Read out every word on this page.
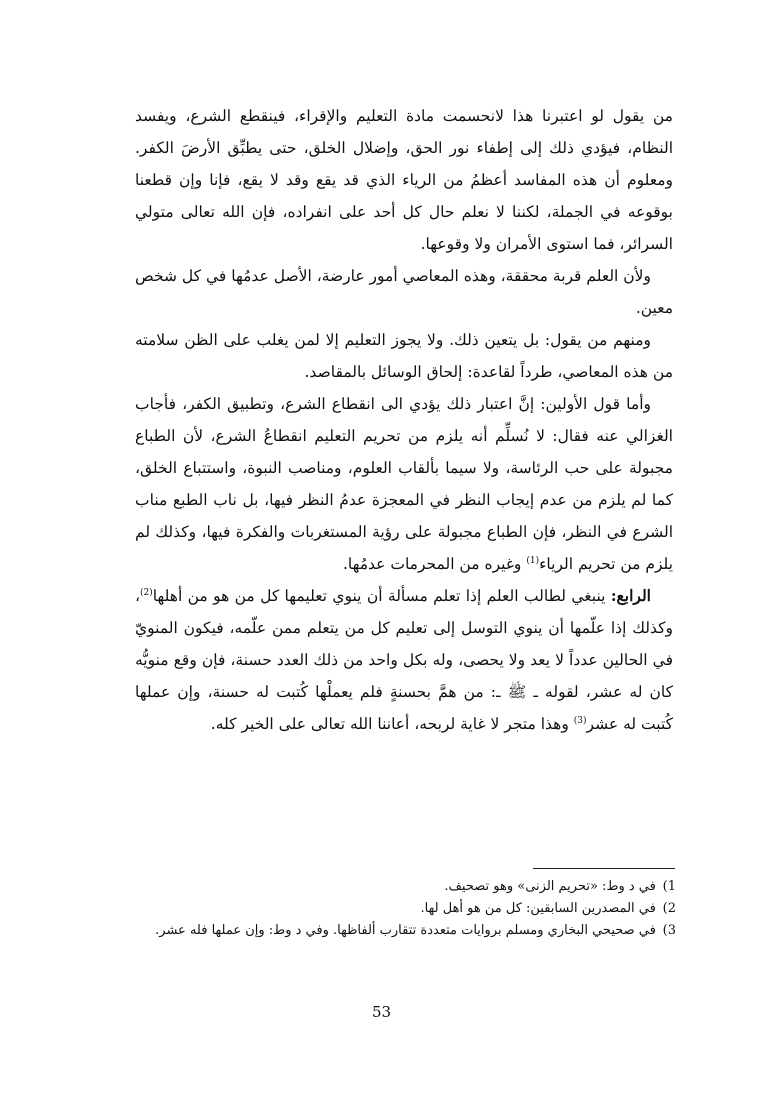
من يقول لو اعتبرنا هذا لانحسمت مادة التعليم والإقراء، فينقطع الشرع، ويفسد النظام، فيؤدي ذلك إلى إطفاء نور الحق، وإضلال الخلق، حتى يطبِّق الأرضَ الكفر. ومعلوم أن هذه المفاسد أعظمُ من الرياء الذي قد يقع وقد لا يقع، فإنا وإن قطعنا بوقوعه في الجملة، لكننا لا نعلم حال كل أحد على انفراده، فإن الله تعالى متولي السرائر، فما استوى الأمران ولا وقوعها.

ولأن العلم قربة محققة، وهذه المعاصي أمور عارضة، الأصل عدمُها في كل شخص معين.

ومنهم من يقول: بل يتعين ذلك. ولا يجوز التعليم إلا لمن يغلب على الظن سلامته من هذه المعاصي، طرداً لقاعدة: إلحاق الوسائل بالمقاصد.

وأما قول الأولين: إنَّ اعتبار ذلك يؤدي الى انقطاع الشرع، وتطبيق الكفر، فأجاب الغزالي عنه فقال: لا نُسلِّم أنه يلزم من تحريم التعليم انقطاعُ الشرع، لأن الطباع مجبولة على حب الرئاسة، ولا سيما بألقاب العلوم، ومناصب النبوة، واستتباع الخلق، كما لم يلزم من عدم إيجاب النظر في المعجزة عدمُ النظر فيها، بل ناب الطبع مناب الشرع في النظر، فإن الطباع مجبولة على رؤية المستغربات والفكرة فيها، وكذلك لم يلزم من تحريم الرياء$^{(1)}$ وغيره من المحرمات عدمُها.

الرابع: ينبغي لطالب العلم إذا تعلم مسألة أن ينوي تعليمها كل من هو من أهلها$^{(2)}$، وكذلك إذا علّمها أن ينوي التوسل إلى تعليم كل من يتعلم ممن علّمه، فيكون المنويّ في الحالين عدداً لا يعد ولا يحصى، وله بكل واحد من ذلك العدد حسنة، فإن وقع منويُّه كان له عشر، لقوله ـ ﷺ ـ: من همَّ بحسنةٍ فلم يعملْها كُتبت له حسنة، وإن عملها كُتبت له عشر$^{(3)}$ وهذا متجر لا غاية لربحه، أعاننا الله تعالى على الخير كله.

1) في د وط: «تحريم الزنى» وهو تصحيف.

2) في المصدرين السابقين: كل من هو أهل لها.

3) في صحيحي البخاري ومسلم بروايات متعددة تتقارب ألفاظها. وفي د وط: وإن عملها فله عشر.

53
